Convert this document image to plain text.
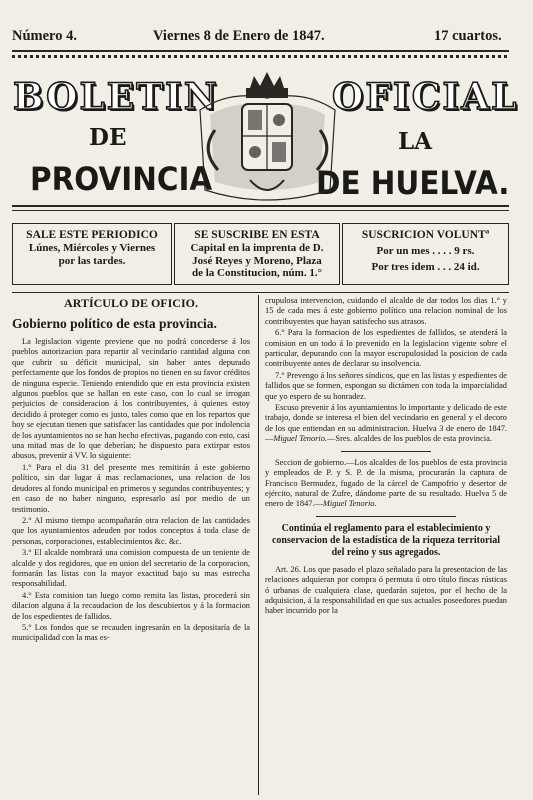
Número 4.	Viernes 8 de Enero de 1847.	17 cuartos.
BOLETIN	OFICIAL
DE	LA
PROVINCIA	DE HUELVA.
SALE ESTE PERIODICO
Lúnes, Miércoles y Viernes
por las tardes.
SE SUSCRIBE EN ESTA
Capital en la imprenta de D.
José Reyes y Moreno, Plaza
de la Constitucion, núm. 1.°
SUSCRICION VOLUNTª
Por un mes . . . . 9 rs.
Por tres idem . . . 24 id.
ARTÍCULO DE OFICIO.
Gobierno político de esta provincia.

La legislacion vigente previene que no podrá concederse á los pueblos autorizacion para repartir al vecindario cantidad alguna con que cubrir su déficit municipal, sin haber antes depurado perfectamente que los fondos de propios no tienen en su favor créditos de ninguna especie. Teniendo entendido que en esta provincia existen algunos pueblos que se hallan en este caso, con lo cual se irrogan perjuicios de consideracion á los contribuyentes, á quienes estoy decidido á proteger como es justo, tales como que en los repartos que hoy se ejecutan tienen que satisfacer las cantidades que por indolencia de los ayuntamientos no se han hecho efectivas, pagando con esto, casi una mitad mas de lo que deberían; he dispuesto para extirpar estos abusos, prevenir á VV. lo siguiente:

1.° Para el dia 31 del presente mes remitirán á este gobierno político, sin dar lugar á mas reclamaciones, una relacion de los deudores al fondo municipal en primeros y segundos contribuyentes; y en caso de no haber ninguno, espresarlo así por medio de un testimonio.

2.° Al mismo tiempo acompañarán otra relacion de las cantidades que los ayuntamientos adeuden por todos conceptos á toda clase de personas, corporaciones, establecimientos &c. &c.

3.° El alcalde nombrará una comision compuesta de un teniente de alcalde y dos regidores, que en union del secretario de la corporacion, formarán las listas con la mayor exactitud bajo su mas estrecha responsabilidad.

4.° Esta comision tan luego como remita las listas, procederá sin dilacion alguna á la recaudacion de los descubiertos y á la formacion de los espedientes de fallidos.

5.° Los fondos que se recauden ingresarán en la depositaría de la municipalidad con la mas es-

crupulosa intervencion, cuidando el alcalde de dar todos los dias 1.° y 15 de cada mes á este gobierno político una relacion nominal de los contribuyentes que hayan satisfecho sus atrasos.

6.° Para la formacion de los espedientes de fallidos, se atenderá la comision en un todo á lo prevenido en la legislacion vigente sobre el particular, depurando con la mayor escrupulosidad la posicion de cada contribuyente antes de declarar su insolvencia.

7.° Prevengo á los señores síndicos, que en las listas y espedientes de fallidos que se formen, espongan su dictámen con toda la imparcialidad que yo espero de su honradez.

Escuso prevenir á los ayuntamientos lo importante y delicado de este trabajo, donde se interesa el bien del vecindario en general y el decoro de los que entiendan en su administracion. Huelva 3 de enero de 1847.—Miguel Tenorio.—Sres. alcaldes de los pueblos de esta provincia.

Seccion de gobierno.—Los alcaldes de los pueblos de esta provincia y empleados de P. y S. P. de la misma, procurarán la captura de Francisco Bermudez, fugado de la cárcel de Campofrio y desertor de ejército, natural de Zufre, dándome parte de su resultado. Huelva 5 de enero de 1847.—Miguel Tenorio.

Continúa el reglamento para el establecimiento y conservacion de la estadística de la riqueza territorial del reino y sus agregados.

Art. 26. Los que pasado el plazo señalado para la presentacion de las relaciones adquieran por compra ó permuta ú otro título fincas rústicas ó urbanas de cualquiera clase, quedarán sujetos, por el hecho de la adquisicion, á la responsabilidad en que sus actuales poseedores puedan haber incurrido por la
